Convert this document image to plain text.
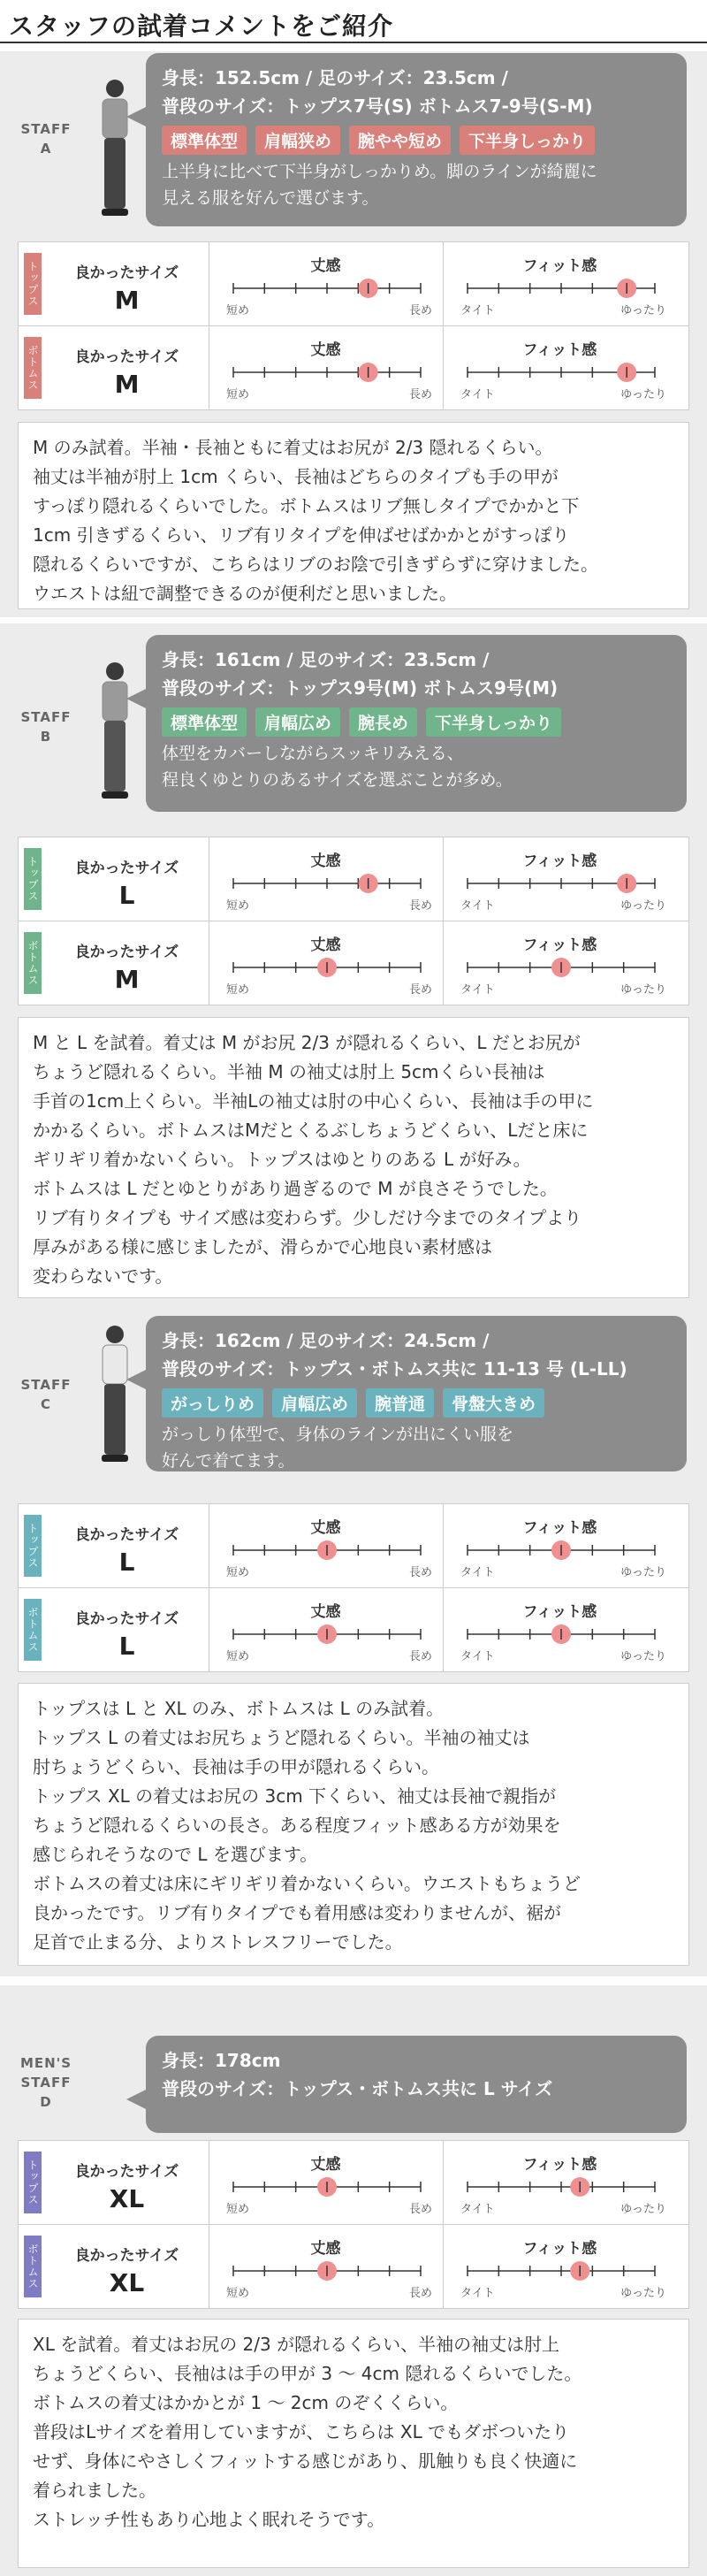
スタッフの試着コメントをご紹介
STAFF
A
身長：152.5cm / 足のサイズ：23.5cm /
普段のサイズ：トップス7号(S) ボトムス7-9号(S-M)
標準体型 肩幅狭め 腕やや短め 下半身しっかり
上半身に比べて下半身がしっかりめ。脚のラインが綺麗に
見える服を好んで選びます。
トップス	良かったサイズ
M
丈感
短め	長め
フィット感
タイト	ゆったり
ボトムス	良かったサイズ
M
丈感
短め	長め
フィット感
タイト	ゆったり
M のみ試着。半袖・長袖ともに着丈はお尻が 2/3 隠れるくらい。
袖丈は半袖が肘上 1cm くらい、長袖はどちらのタイプも手の甲が
すっぽり隠れるくらいでした。ボトムスはリブ無しタイプでかかと下
1cm 引きずるくらい、リブ有リタイプを伸ばせばかかとがすっぽり
隠れるくらいですが、こちらはリブのお陰で引きずらずに穿けました。
ウエストは紐で調整できるのが便利だと思いました。
STAFF
B
身長：161cm / 足のサイズ：23.5cm /
普段のサイズ：トップス9号(M) ボトムス9号(M)
標準体型 肩幅広め 腕長め 下半身しっかり
体型をカバーしながらスッキリみえる、
程良くゆとりのあるサイズを選ぶことが多め。
トップス	良かったサイズ
L
丈感
短め	長め
フィット感
タイト	ゆったり
ボトムス	良かったサイズ
M
丈感
短め	長め
フィット感
タイト	ゆったり
M と L を試着。着丈は M がお尻 2/3 が隠れるくらい、L だとお尻が
ちょうど隠れるくらい。半袖 M の袖丈は肘上 5cmくらい長袖は
手首の1cm上くらい。半袖Lの袖丈は肘の中心くらい、長袖は手の甲に
かかるくらい。ボトムスはMだとくるぶしちょうどくらい、Lだと床に
ギリギリ着かないくらい。トップスはゆとりのある L が好み。
ボトムスは L だとゆとりがあり過ぎるので M が良さそうでした。
リブ有りタイプも サイズ感は変わらず。少しだけ今までのタイプより
厚みがある様に感じましたが、滑らかで心地良い素材感は
変わらないです。
STAFF
C
身長：162cm / 足のサイズ：24.5cm /
普段のサイズ：トップス・ボトムス共に 11-13 号 (L-LL)
がっしりめ 肩幅広め 腕普通 骨盤大きめ
がっしり体型で、身体のラインが出にくい服を
好んで着てます。
トップス	良かったサイズ
L
丈感
短め	長め
フィット感
タイト	ゆったり
ボトムス	良かったサイズ
L
丈感
短め	長め
フィット感
タイト	ゆったり
トップスは L と XL のみ、ボトムスは L のみ試着。
トップス L の着丈はお尻ちょうど隠れるくらい。半袖の袖丈は
肘ちょうどくらい、長袖は手の甲が隠れるくらい。
トップス XL の着丈はお尻の 3cm 下くらい、袖丈は長袖で親指が
ちょうど隠れるくらいの長さ。ある程度フィット感ある方が効果を
感じられそうなので L を選びます。
ボトムスの着丈は床にギリギリ着かないくらい。ウエストもちょうど
良かったです。リブ有りタイプでも着用感は変わりませんが、裾が
足首で止まる分、よりストレスフリーでした。
MEN'S
STAFF
D
身長：178cm
普段のサイズ：トップス・ボトムス共に L サイズ
トップス	良かったサイズ
XL
丈感
短め	長め
フィット感
タイト	ゆったり
ボトムス	良かったサイズ
XL
丈感
短め	長め
フィット感
タイト	ゆったり
XL を試着。着丈はお尻の 2/3 が隠れるくらい、半袖の袖丈は肘上
ちょうどくらい、長袖はは手の甲が 3 ～ 4cm 隠れるくらいでした。
ボトムスの着丈はかかとが 1 ～ 2cm のぞくくらい。
普段はLサイズを着用していますが、こちらは XL でもダボついたり
せず、身体にやさしくフィットする感じがあり、肌触りも良く快適に
着られました。
ストレッチ性もあり心地よく眠れそうです。
